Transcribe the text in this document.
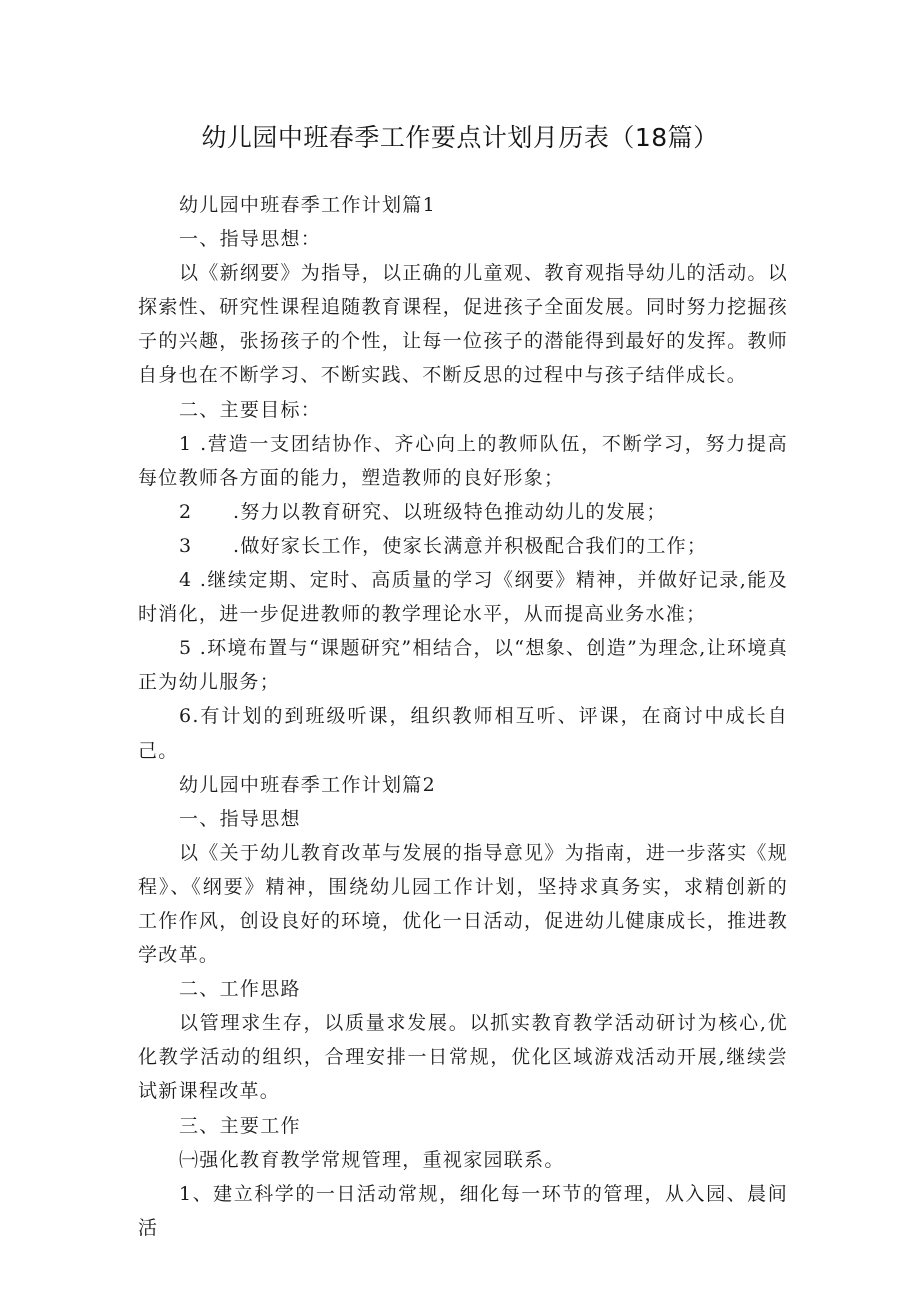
幼儿园中班春季工作要点计划月历表（18篇）

幼儿园中班春季工作计划篇1

一、指导思想：

以《新纲要》为指导，以正确的儿童观、教育观指导幼儿的活动。以探索性、研究性课程追随教育课程，促进孩子全面发展。同时努力挖掘孩子的兴趣，张扬孩子的个性，让每一位孩子的潜能得到最好的发挥。教师自身也在不断学习、不断实践、不断反思的过程中与孩子结伴成长。

二、主要目标：

1 .营造一支团结协作、齐心向上的教师队伍，不断学习，努力提高每位教师各方面的能力，塑造教师的良好形象；

2　　.努力以教育研究、以班级特色推动幼儿的发展；

3　　.做好家长工作，使家长满意并积极配合我们的工作；

4 .继续定期、定时、高质量的学习《纲要》精神，并做好记录,能及时消化，进一步促进教师的教学理论水平，从而提高业务水准；

5 .环境布置与“课题研究”相结合，以“想象、创造”为理念,让环境真正为幼儿服务；

6.有计划的到班级听课，组织教师相互听、评课，在商讨中成长自己。

幼儿园中班春季工作计划篇2

一、指导思想

以《关于幼儿教育改革与发展的指导意见》为指南，进一步落实《规程》、《纲要》精神，围绕幼儿园工作计划，坚持求真务实，求精创新的工作作风，创设良好的环境，优化一日活动，促进幼儿健康成长，推进教学改革。

二、工作思路

以管理求生存，以质量求发展。以抓实教育教学活动研讨为核心,优化教学活动的组织，合理安排一日常规，优化区域游戏活动开展,继续尝试新课程改革。

三、主要工作

㈠强化教育教学常规管理，重视家园联系。

1、建立科学的一日活动常规，细化每一环节的管理，从入园、晨间活
